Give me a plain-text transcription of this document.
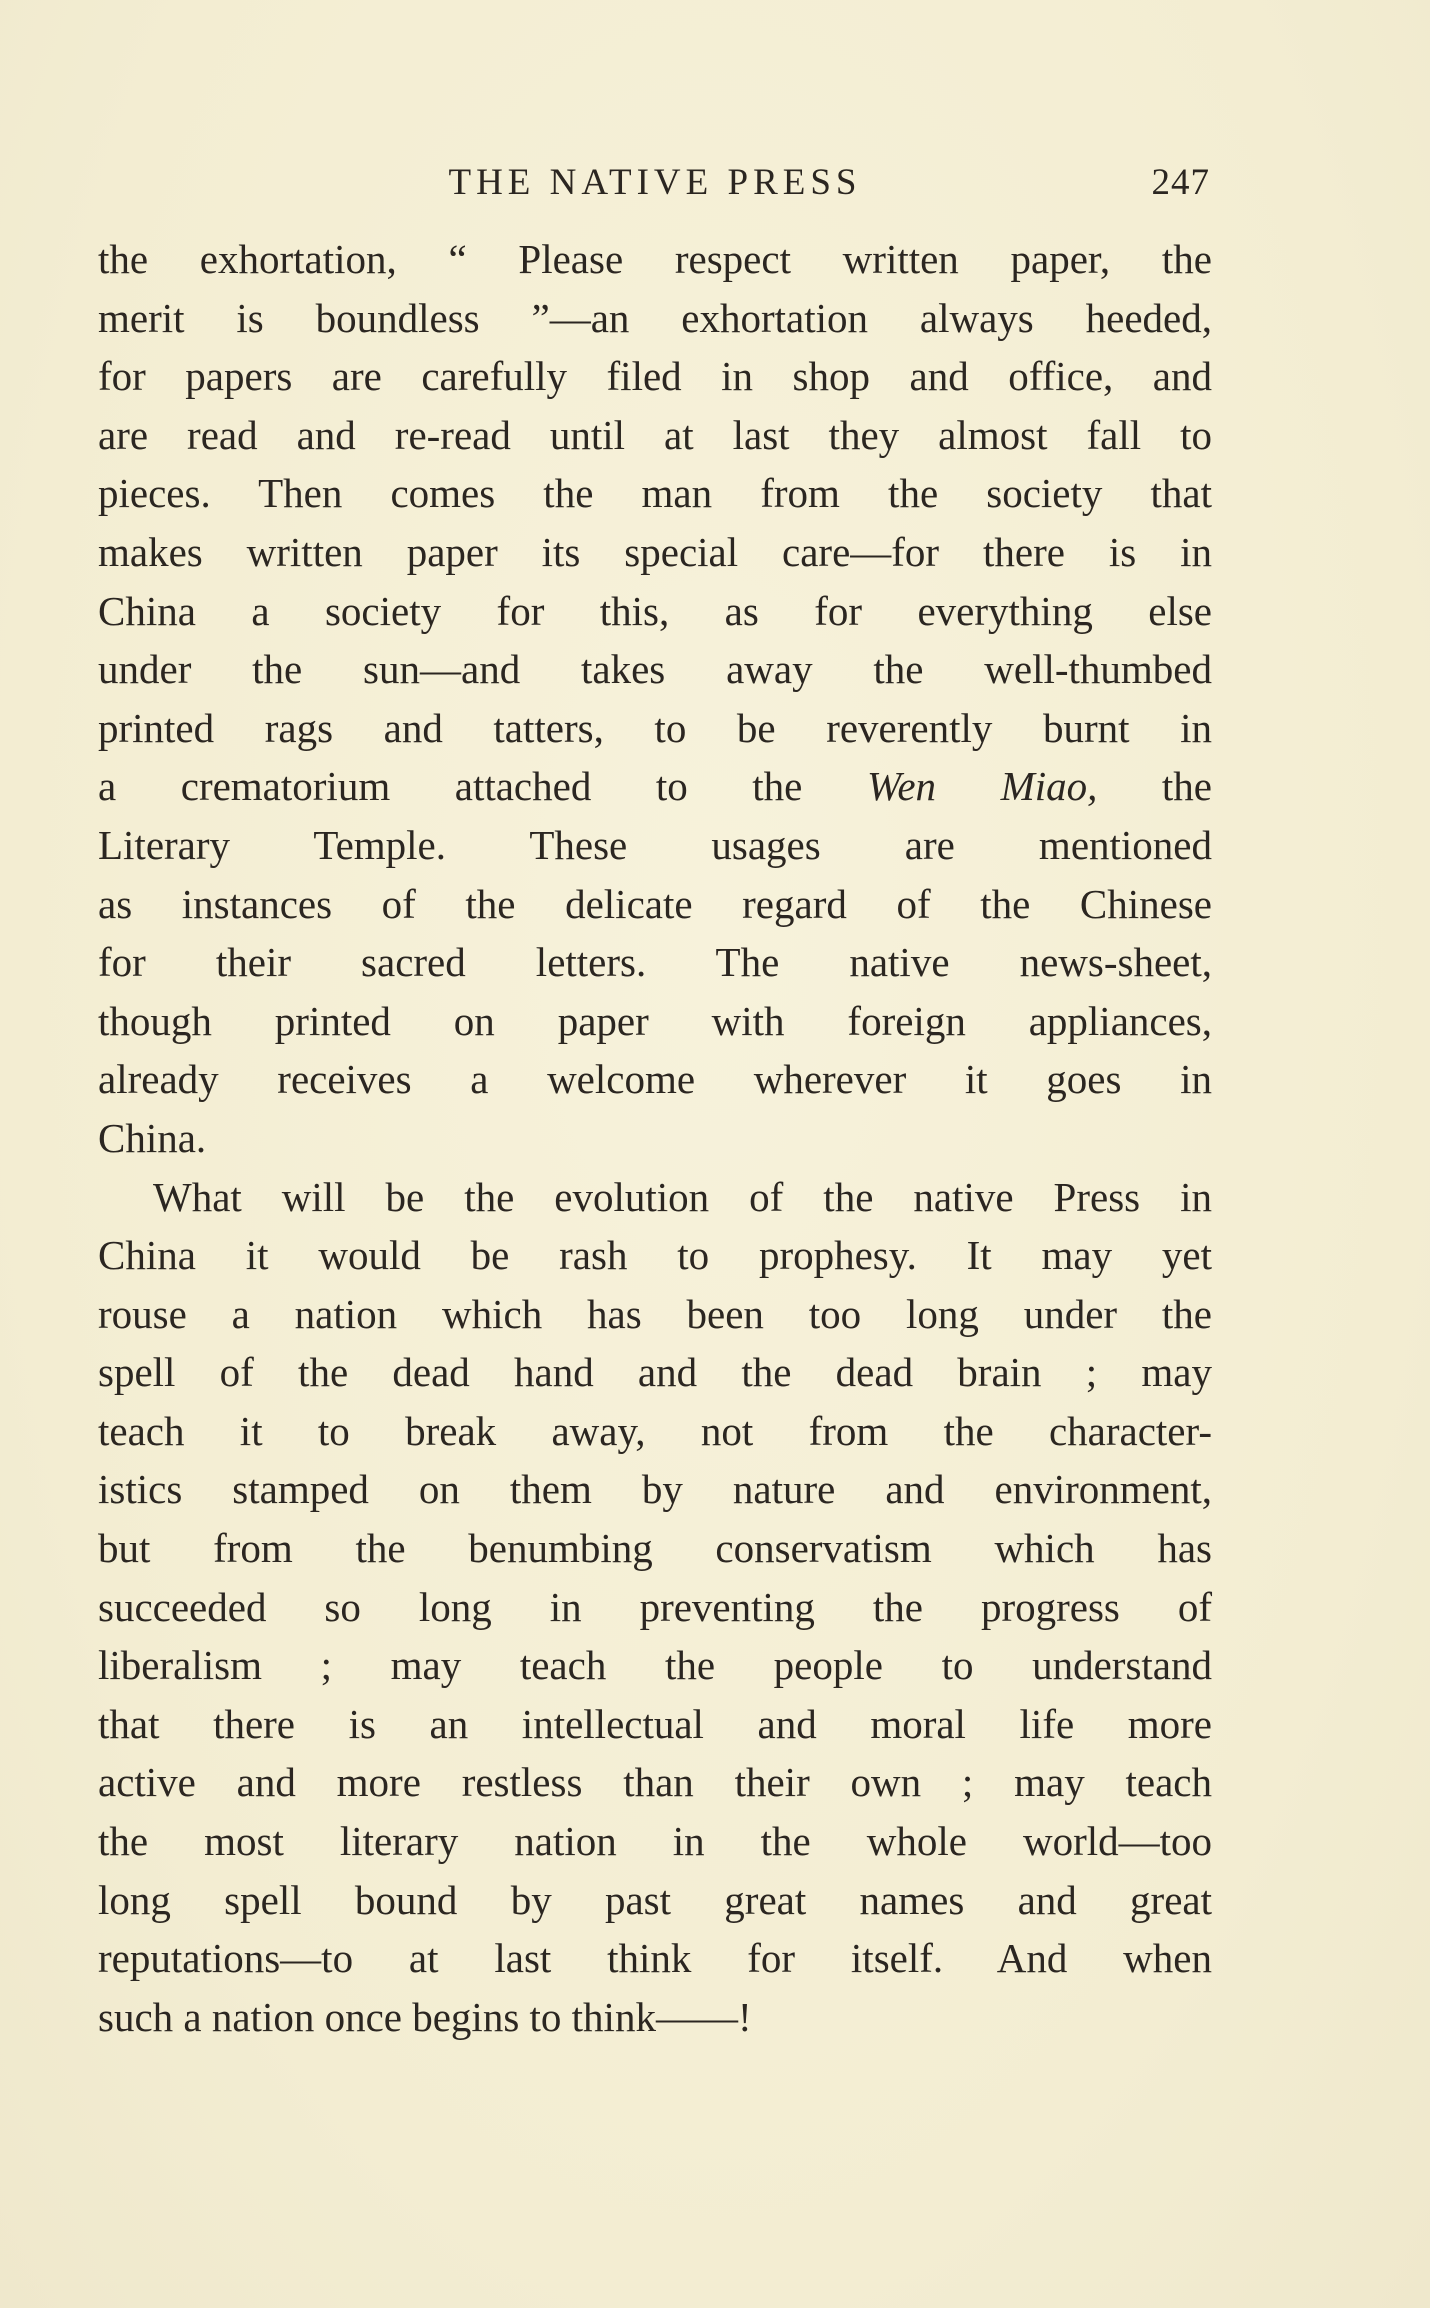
THE NATIVE PRESS	247
the exhortation, “ Please respect written paper, the
merit is boundless ”—an exhortation always heeded,
for papers are carefully filed in shop and office, and
are read and re-read until at last they almost fall to
pieces. Then comes the man from the society that
makes written paper its special care—for there is in
China a society for this, as for everything else
under the sun—and takes away the well-thumbed
printed rags and tatters, to be reverently burnt in
a crematorium attached to the Wen Miao, the
Literary Temple. These usages are mentioned
as instances of the delicate regard of the Chinese
for their sacred letters. The native news-sheet,
though printed on paper with foreign appliances,
already receives a welcome wherever it goes in
China.
What will be the evolution of the native Press in
China it would be rash to prophesy. It may yet
rouse a nation which has been too long under the
spell of the dead hand and the dead brain ; may
teach it to break away, not from the character-
istics stamped on them by nature and environment,
but from the benumbing conservatism which has
succeeded so long in preventing the progress of
liberalism ; may teach the people to understand
that there is an intellectual and moral life more
active and more restless than their own ; may teach
the most literary nation in the whole world—too
long spell bound by past great names and great
reputations—to at last think for itself. And when
such a nation once begins to think——!
